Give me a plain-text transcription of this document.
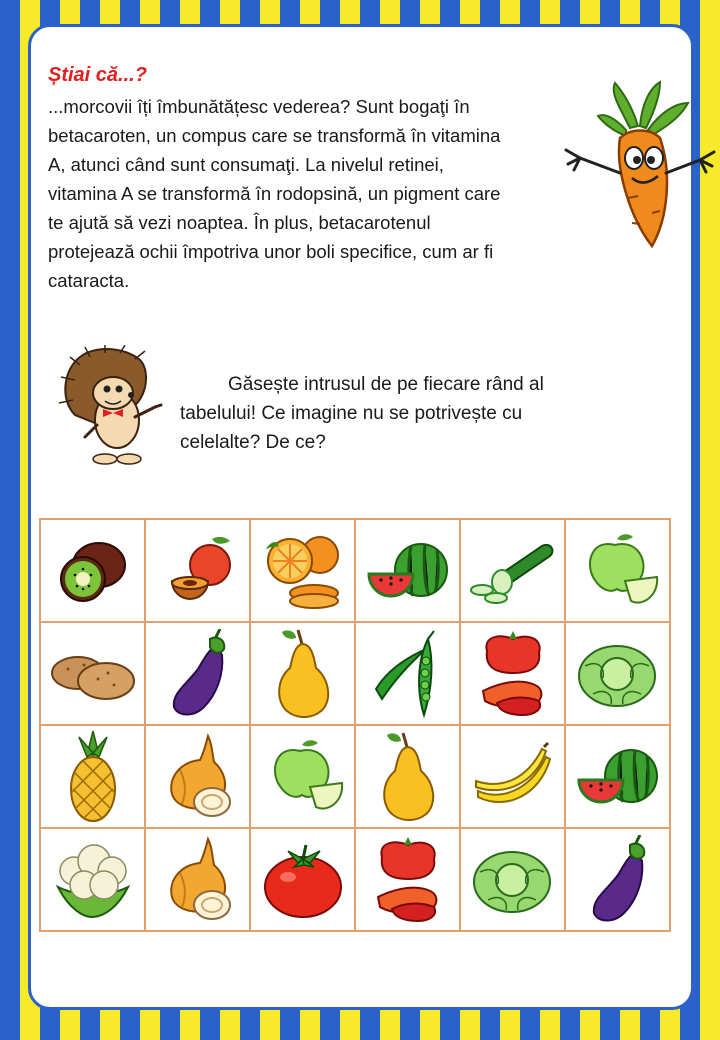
Știai că...?
...morcovii îți îmbunătățesc vederea? Sunt bogaţi în
betacaroten, un compus care se transformă în vitamina
A, atunci când sunt consumaţi. La nivelul retinei,
vitamina A se transformă în rodopsină, un pigment care
te ajută să vezi noaptea. În plus, betacarotenul
protejează ochii împotriva unor boli specifice, cum ar fi
cataracta.
Găsește intrusul de pe fiecare rând al
tabelului! Ce imagine nu se potrivește cu
celelalte? De ce?
